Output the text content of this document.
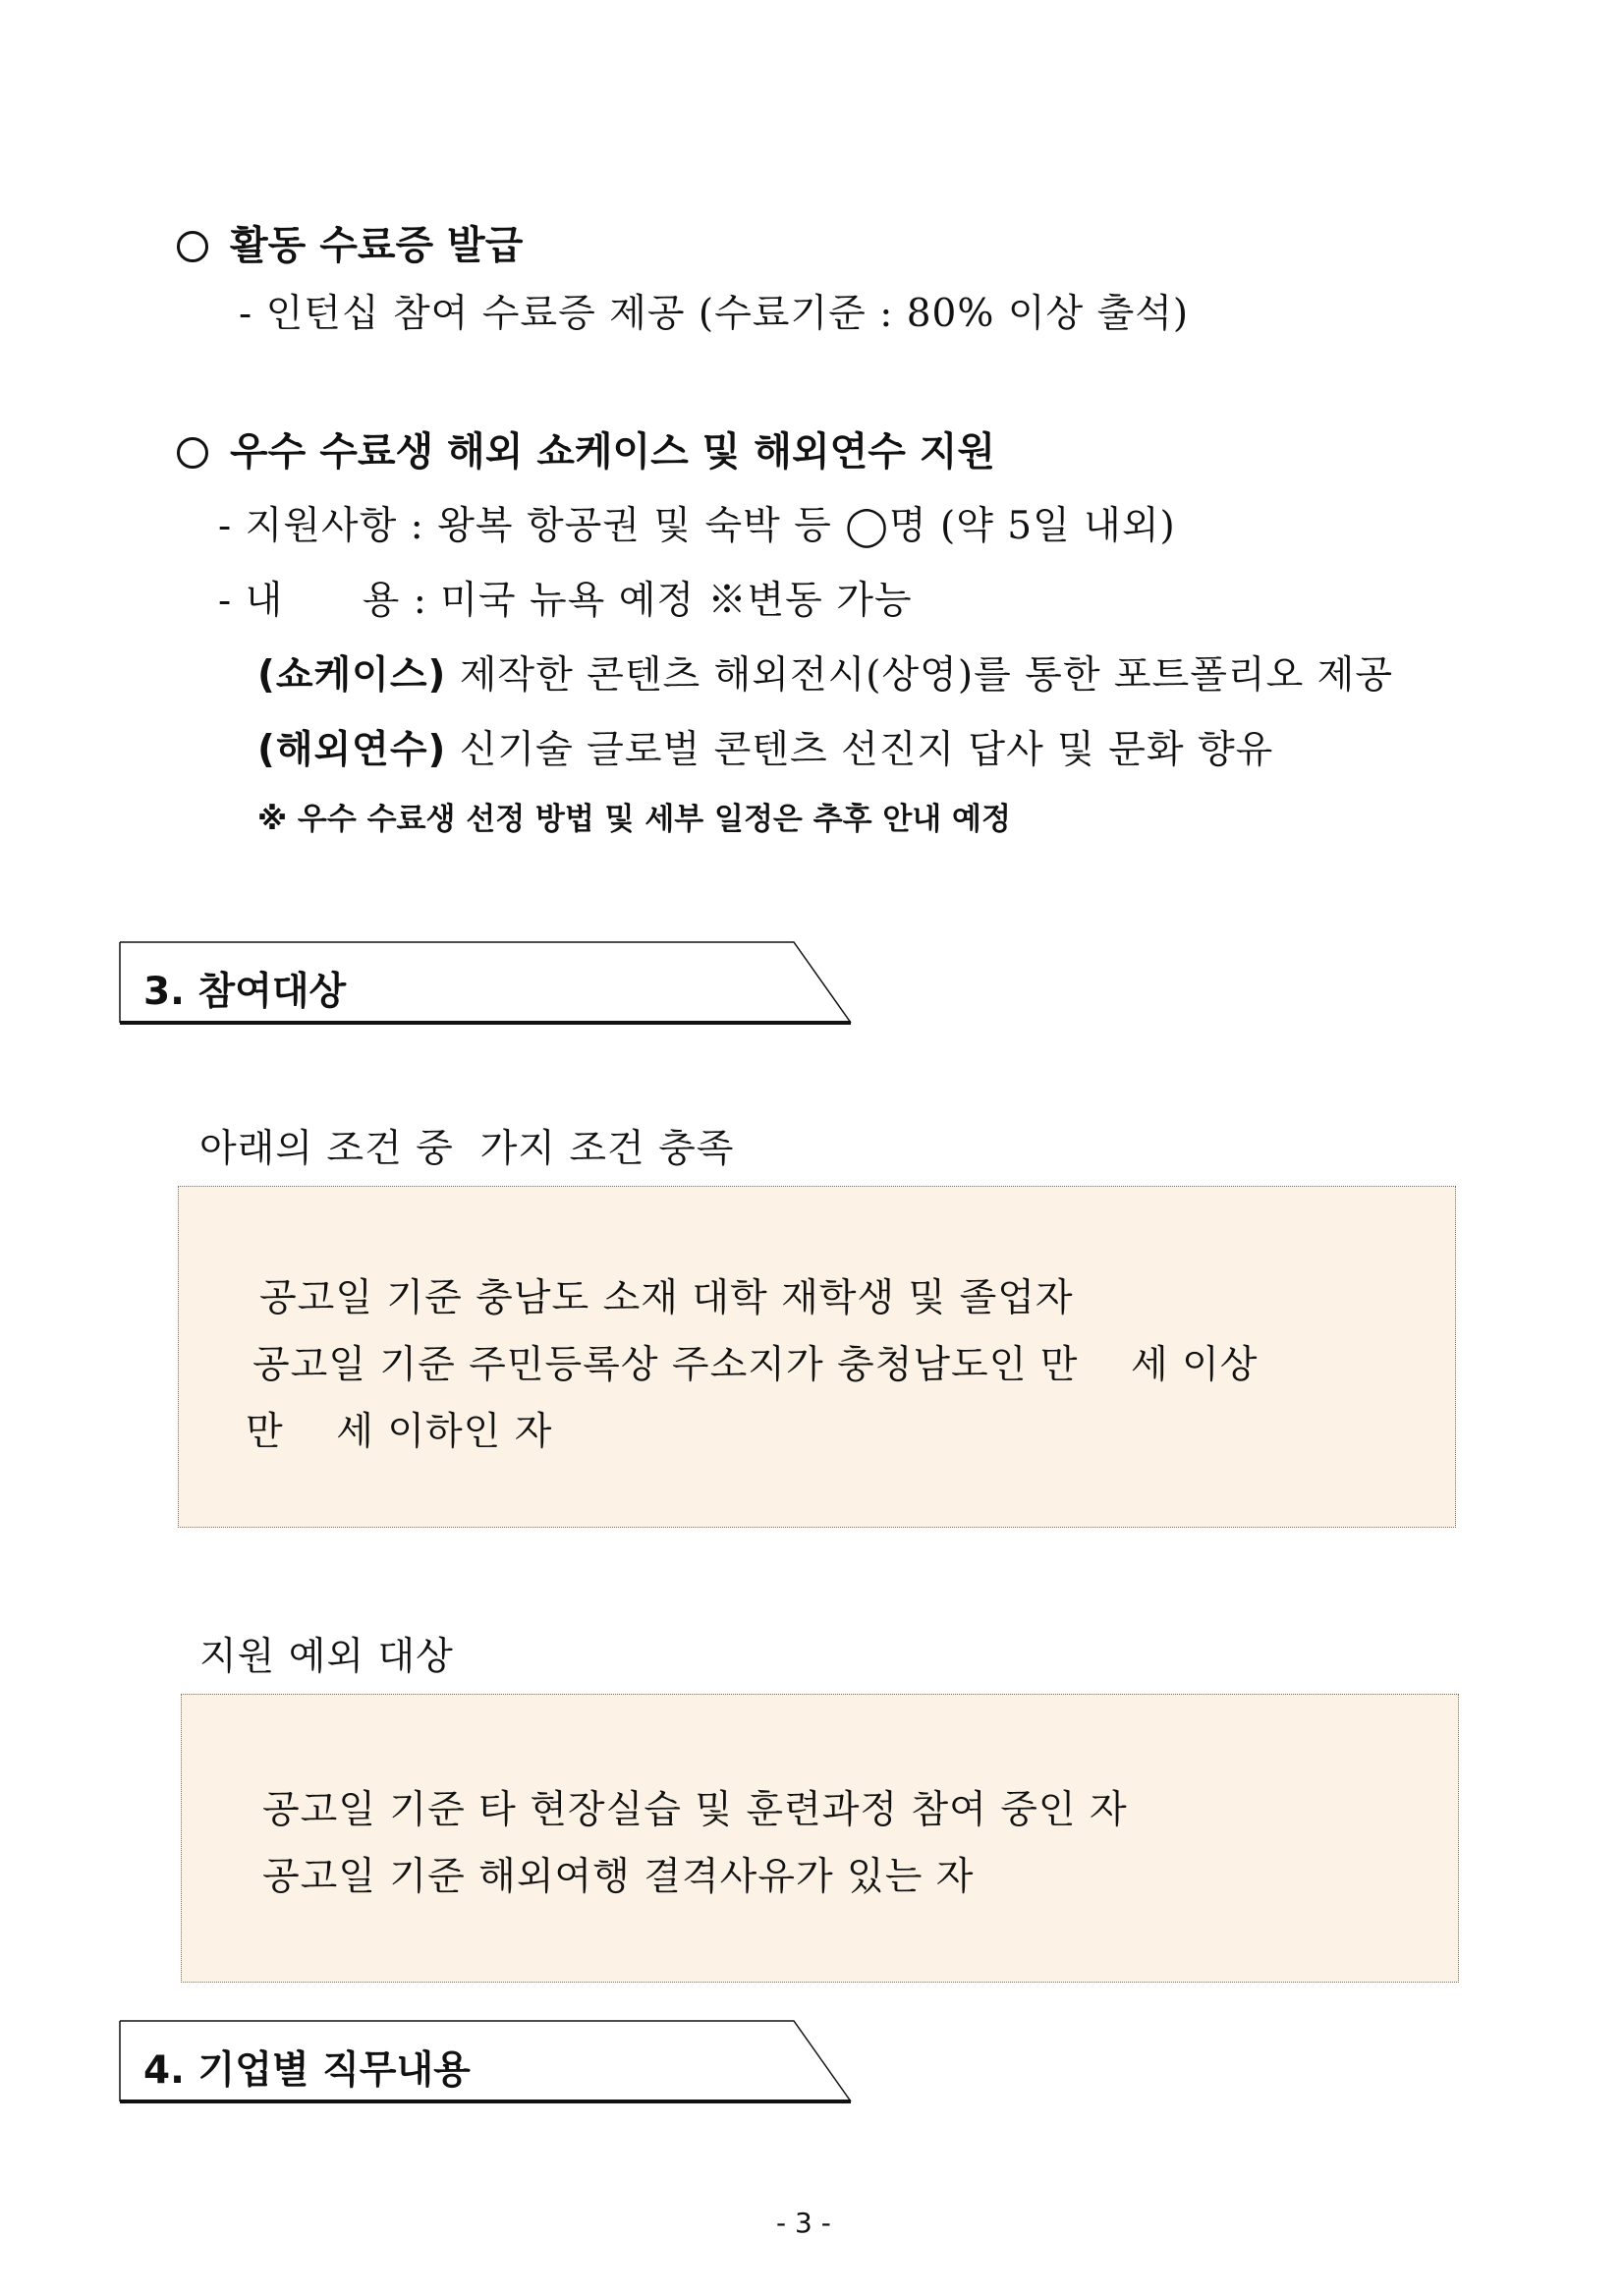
활동 수료증 발급
- 인턴십 참여 수료증 제공 (수료기준 : 80% 이상 출석)
우수 수료생 해외 쇼케이스 및 해외연수 지원
- 지원사항 : 왕복 항공권 및 숙박 등 ◯명 (약 5일 내외)
- 내      용 : 미국 뉴욕 예정 ※변동 가능
(쇼케이스) 제작한 콘텐츠 해외전시(상영)를 통한 포트폴리오 제공
(해외연수) 신기술 글로벌 콘텐츠 선진지 답사 및 문화 향유
※ 우수 수료생 선정 방법 및 세부 일정은 추후 안내 예정
3. 참여대상
아래의 조건 중  가지 조건 충족
공고일 기준 충남도 소재 대학 재학생 및 졸업자
공고일 기준 주민등록상 주소지가 충청남도인 만    세 이상
만    세 이하인 자
지원 예외 대상
공고일 기준 타 현장실습 및 훈련과정 참여 중인 자
공고일 기준 해외여행 결격사유가 있는 자
4. 기업별 직무내용
- 3 -
